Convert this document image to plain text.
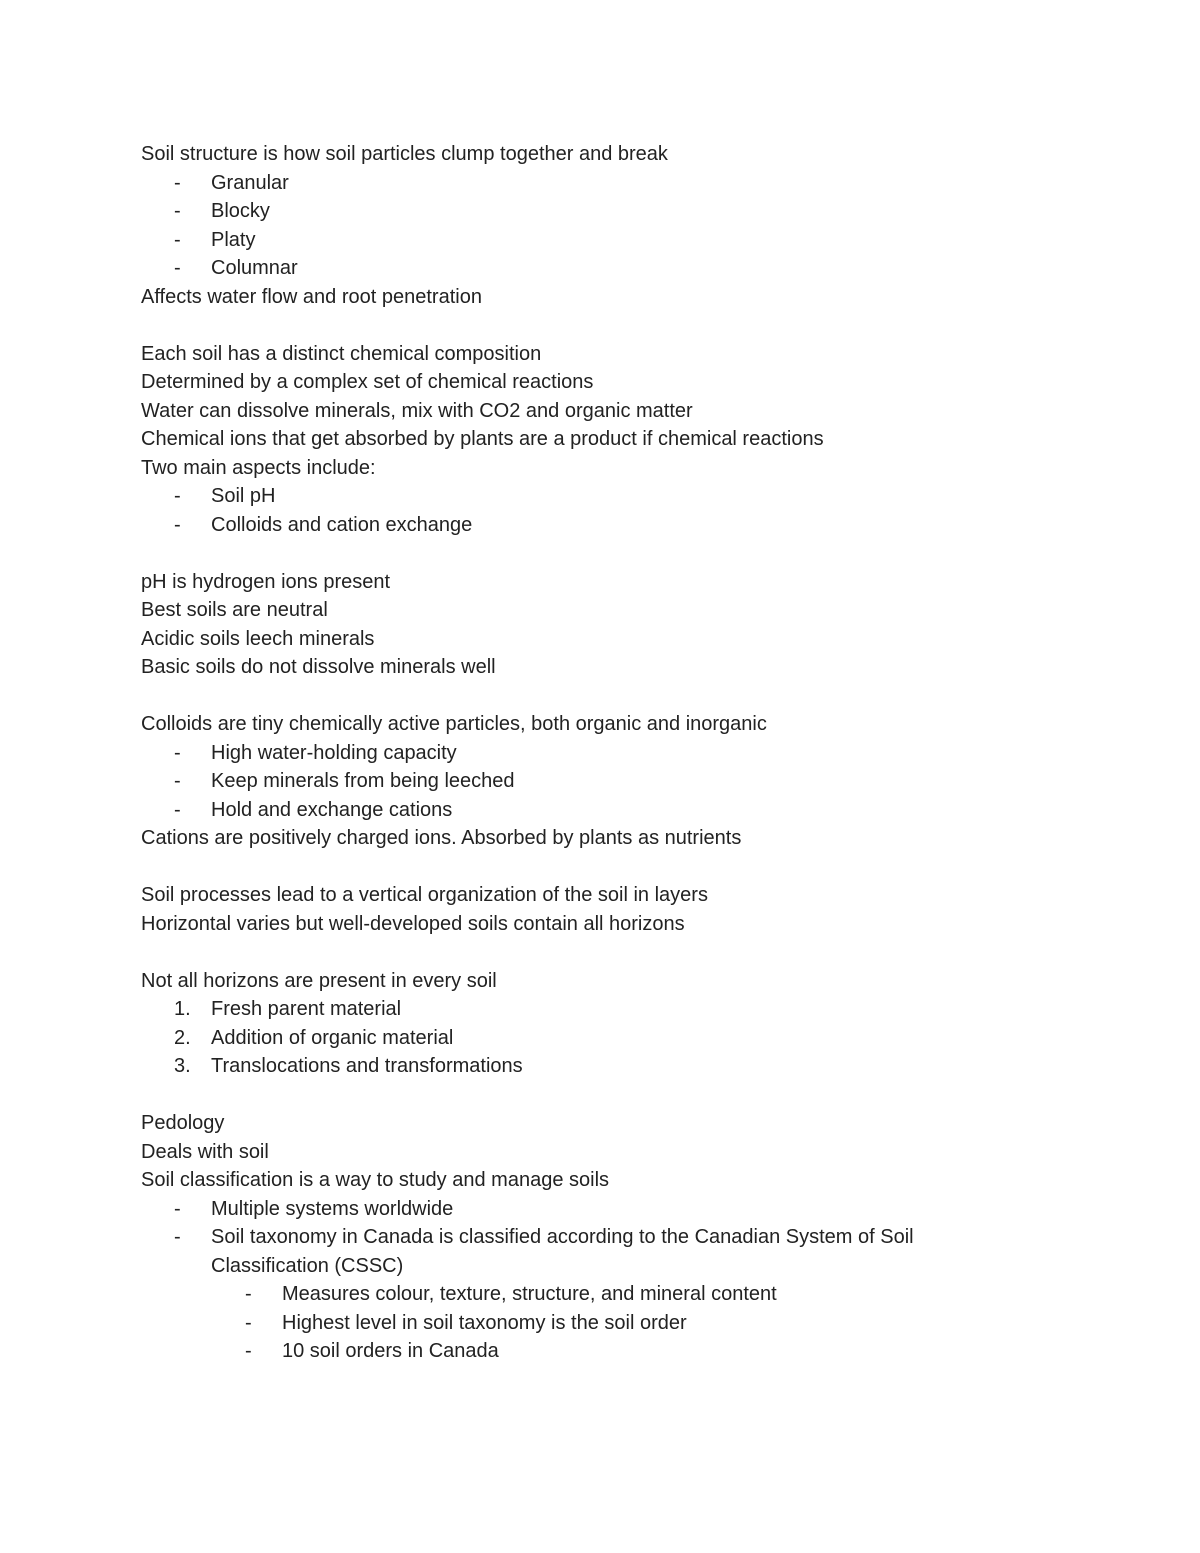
Soil structure is how soil particles clump together and break
- Granular
- Blocky
- Platy
- Columnar
Affects water flow and root penetration
Each soil has a distinct chemical composition
Determined by a complex set of chemical reactions
Water can dissolve minerals, mix with CO2 and organic matter
Chemical ions that get absorbed by plants are a product if chemical reactions
Two main aspects include:
- Soil pH
- Colloids and cation exchange
pH is hydrogen ions present
Best soils are neutral
Acidic soils leech minerals
Basic soils do not dissolve minerals well
Colloids are tiny chemically active particles, both organic and inorganic
- High water-holding capacity
- Keep minerals from being leeched
- Hold and exchange cations
Cations are positively charged ions. Absorbed by plants as nutrients
Soil processes lead to a vertical organization of the soil in layers
Horizontal varies but well-developed soils contain all horizons
Not all horizons are present in every soil
1. Fresh parent material
2. Addition of organic material
3. Translocations and transformations
Pedology
Deals with soil
Soil classification is a way to study and manage soils
- Multiple systems worldwide
- Soil taxonomy in Canada is classified according to the Canadian System of Soil
Classification (CSSC)
- Measures colour, texture, structure, and mineral content
- Highest level in soil taxonomy is the soil order
- 10 soil orders in Canada
